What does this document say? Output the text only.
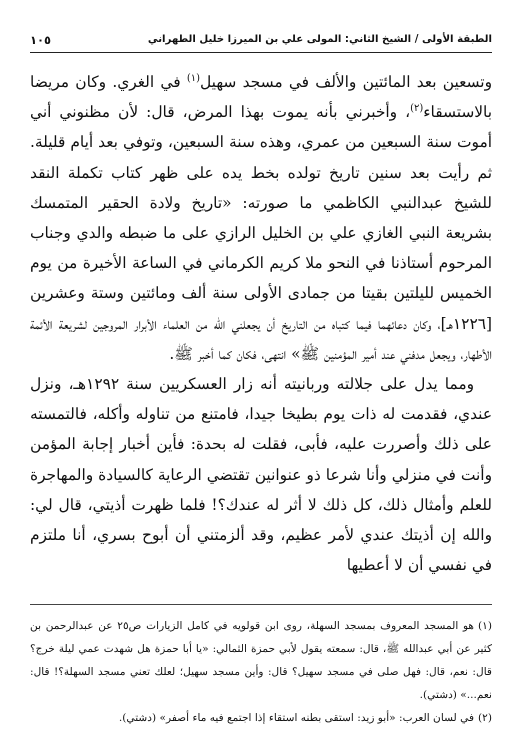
الطبقة الأولى / الشيخ الثاني: المولى علي بن الميرزا خليل الطهراني
١٠٥

وتسعين بعد المائتين والألف في مسجد سهيل$^{(١)}$ في الغري. وكان مريضا بالاستسقاء$^{(٢)}$، وأخبرني بأنه يموت بهذا المرض، قال: لأن مظنوني أني أموت سنة السبعين من عمري، وهذه سنة السبعين، وتوفي بعد أيام قليلة. ثم رأيت بعد سنين تاريخ تولده بخط يده على ظهر كتاب تكملة النقد للشيخ عبدالنبي الكاظمي ما صورته: «تاريخ ولادة الحقير المتمسك بشريعة النبي الغازي علي بن الخليل الرازي على ما ضبطه والدي وجناب المرحوم أستاذنا في النحو ملا كريم الكرماني في الساعة الأخيرة من يوم الخميس لليلتين بقيتا من جمادى الأولى سنة ألف ومائتين وستة وعشرين [١٢٢٦هـ]، وكان دعائهما فيما كتباه من التاريخ أن يجعلني الله من العلماء الأبرار المروجين لشريعة الأئمة الأطهار، ويجعل مدفني عند أمير المؤمنين ﷺ» انتهى، فكان كما أخبر ﷺ.

ومما يدل على جلالته وربانيته أنه زار العسكريين سنة ١٢٩٢هـ، ونزل عندي، فقدمت له ذات يوم بطيخا جيدا، فامتنع من تناوله وأكله، فالتمسته على ذلك وأصررت عليه، فأبى، فقلت له بحدة: فأين أخبار إجابة المؤمن وأنت في منزلي وأنا شرعا ذو عنوانين تقتضي الرعاية كالسيادة والمهاجرة للعلم وأمثال ذلك، كل ذلك لا أثر له عندك؟! فلما ظهرت أذيتي، قال لي: والله إن أذيتك عندي لأمر عظيم، وقد ألزمتني أن أبوح بسري، أنا ملتزم في نفسي أن لا أعطيها

(١)هو المسجد المعروف بمسجد السهلة، روى ابن قولويه في كامل الزيارات ص٢٥ عن عبدالرحمن بن كثير عن أبي عبدالله ﷺ، قال: سمعته يقول لأبي حمزة الثمالي: «يا أبا حمزة هل شهدت عمي ليلة خرج؟ قال: نعم، قال: فهل صلى في مسجد سهيل؟ قال: وأين مسجد سهيل؛ لعلك تعني مسجد السهلة؟! قال: نعم...» (دشتي).

(٢)في لسان العرب: «أبو زيد: استقى بطنه استقاء إذا اجتمع فيه ماء أصفر» (دشتي).
